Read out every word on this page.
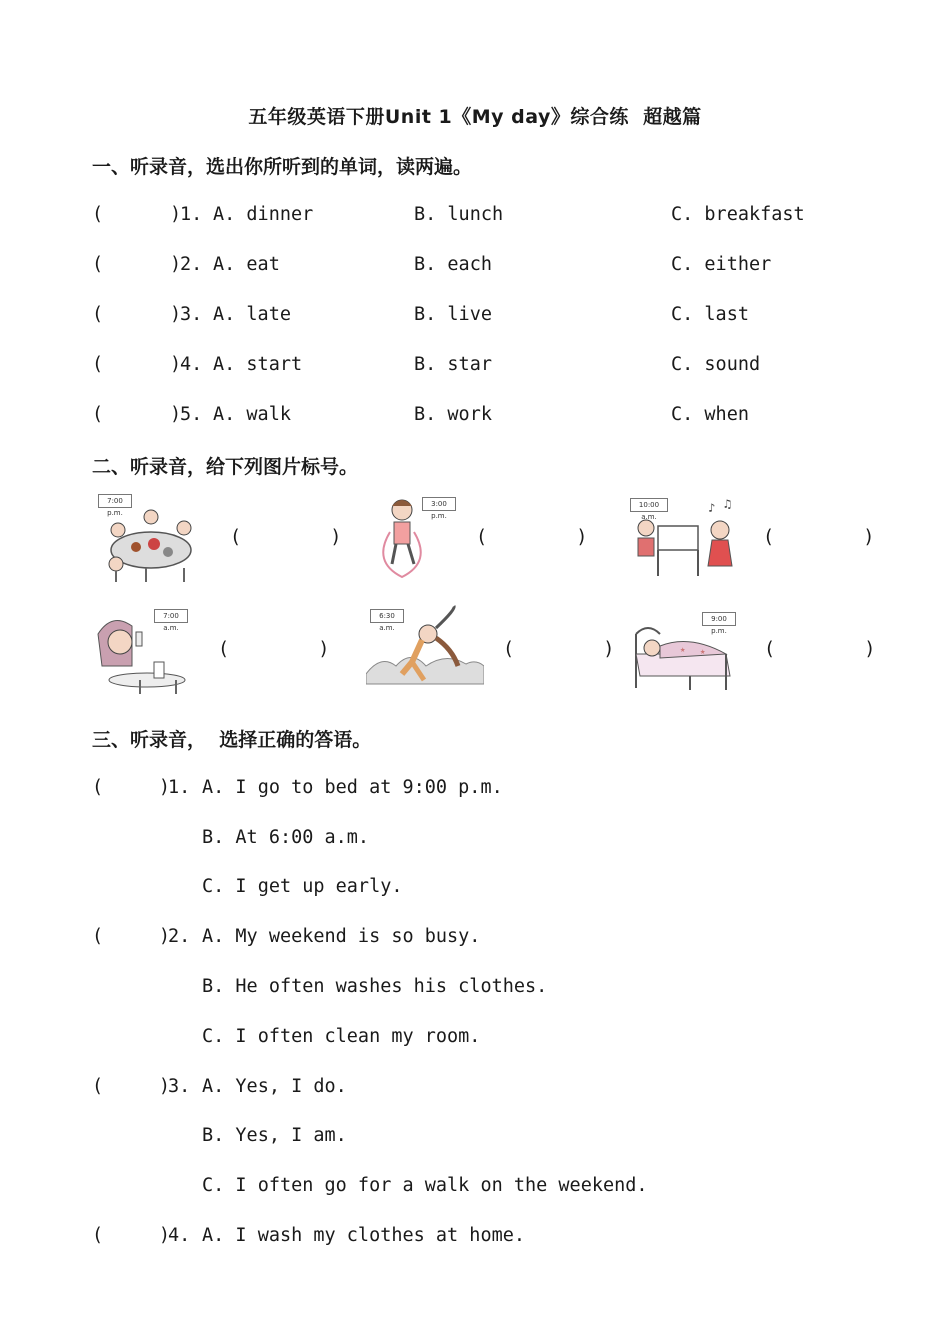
五年级英语下册Unit 1《My day》综合练  超越篇
一、听录音，选出你所听到的单词，读两遍。
(      )
1. A. dinner	B. lunch	C. breakfast
(      )
2. A. eat	B. each	C. either
(      )
3. A. late	B. live	C. last
(      )
4. A. start	B. star	C. sound
(      )
5. A. walk	B. work	C. when
二、听录音，给下列图片标号。
7:00 p.m.
(        )
3:00 p.m.
(        )
10:00 a.m.
♪ ♫
(        )
7:00 a.m.
(        )
6:30 a.m.
(        )
9:00 p.m.
★ ★	(        )
三、听录音，  选择正确的答语。
(     )
1. A. I go to bed at 9:00 p.m.
B. At 6:00 a.m.
C. I get up early.
(     )
2. A. My weekend is so busy.
B. He often washes his clothes.
C. I often clean my room.
(     )
3. A. Yes, I do.
B. Yes, I am.
C. I often go for a walk on the weekend.
(     )
4. A. I wash my clothes at home.
